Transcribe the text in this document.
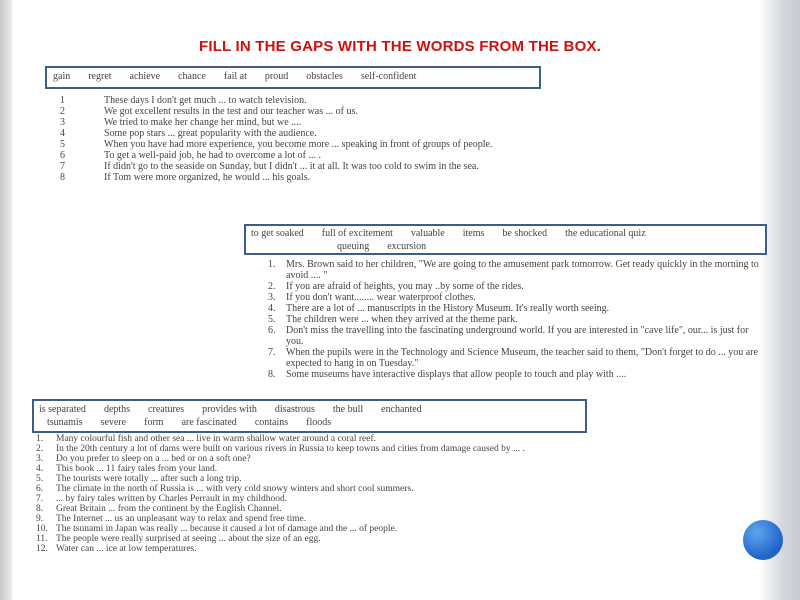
FILL IN THE GAPS WITH THE WORDS FROM THE BOX.
gain regret achieve chance fail at proud obstacles self-confident
1	These days I don't get much ... to watch television.
2	We got excellent results in the test and our teacher was ... of us.
3	We tried to make her change her mind, but we ....
4	Some pop stars ... great popularity with the audience.
5	When you have had more experience, you become more ... speaking in front of groups of people.
6	To get a well-paid job, he had to overcome a lot of ... .
7	If didn't go to the seaside on Sunday, but I didn't ... it at all. It was too cold to swim in the sea.
8	If Tom were more organized, he would ... his goals.
to get soaked full of excitement valuable items be shocked the educational quiz
queuing excursion
1.	Mrs. Brown said to her children, "We are going to the amusement park tomorrow. Get ready quickly in the morning to avoid .... "
2.	If you are afraid of heights, you may ..by some of the rides.
3.	If you don't want........ wear waterproof clothes.
4.	There are a lot of ... manuscripts in the History Museum. It's really worth seeing.
5.	The children were ... when they arrived at the theme park.
6.	Don't miss the travelling into the fascinating underground world. If you are interested in "cave life", our... is just for you.
7.	When the pupils were in the Technology and Science Museum, the teacher said to them, "Don't forget to do ... you are expected to hang in on Tuesday."
8.	Some museums have interactive displays that allow people to touch and play with ....
is separated depths creatures provides with disastrous the bull enchanted
tsunamis severe form are fascinated contains floods
1.	Many colourful fish and other sea ... live in warm shallow water around a coral reef.
2.	In the 20th century a lot of dams were built on various rivers in Russia to keep towns and cities from damage caused by ... .
3.	Do you prefer to sleep on a ... bed or on a soft one?
4.	This book ... 11 fairy tales from your land.
5.	The tourists were totally ... after such a long trip.
6.	The climate in the north of Russia is ... with very cold snowy winters and short cool summers.
7.	... by fairy tales written by Charles Perrault in my childhood.
8.	Great Britain ... from the continent by the English Channel.
9.	The Internet ... us an unpleasant way to relax and spend free time.
10. The tsunami in Japan was really ... because it caused a lot of damage and the ... of people.
11. The people were really surprised at seeing ... about the size of an egg.
12. Water can ... ice at low temperatures.
